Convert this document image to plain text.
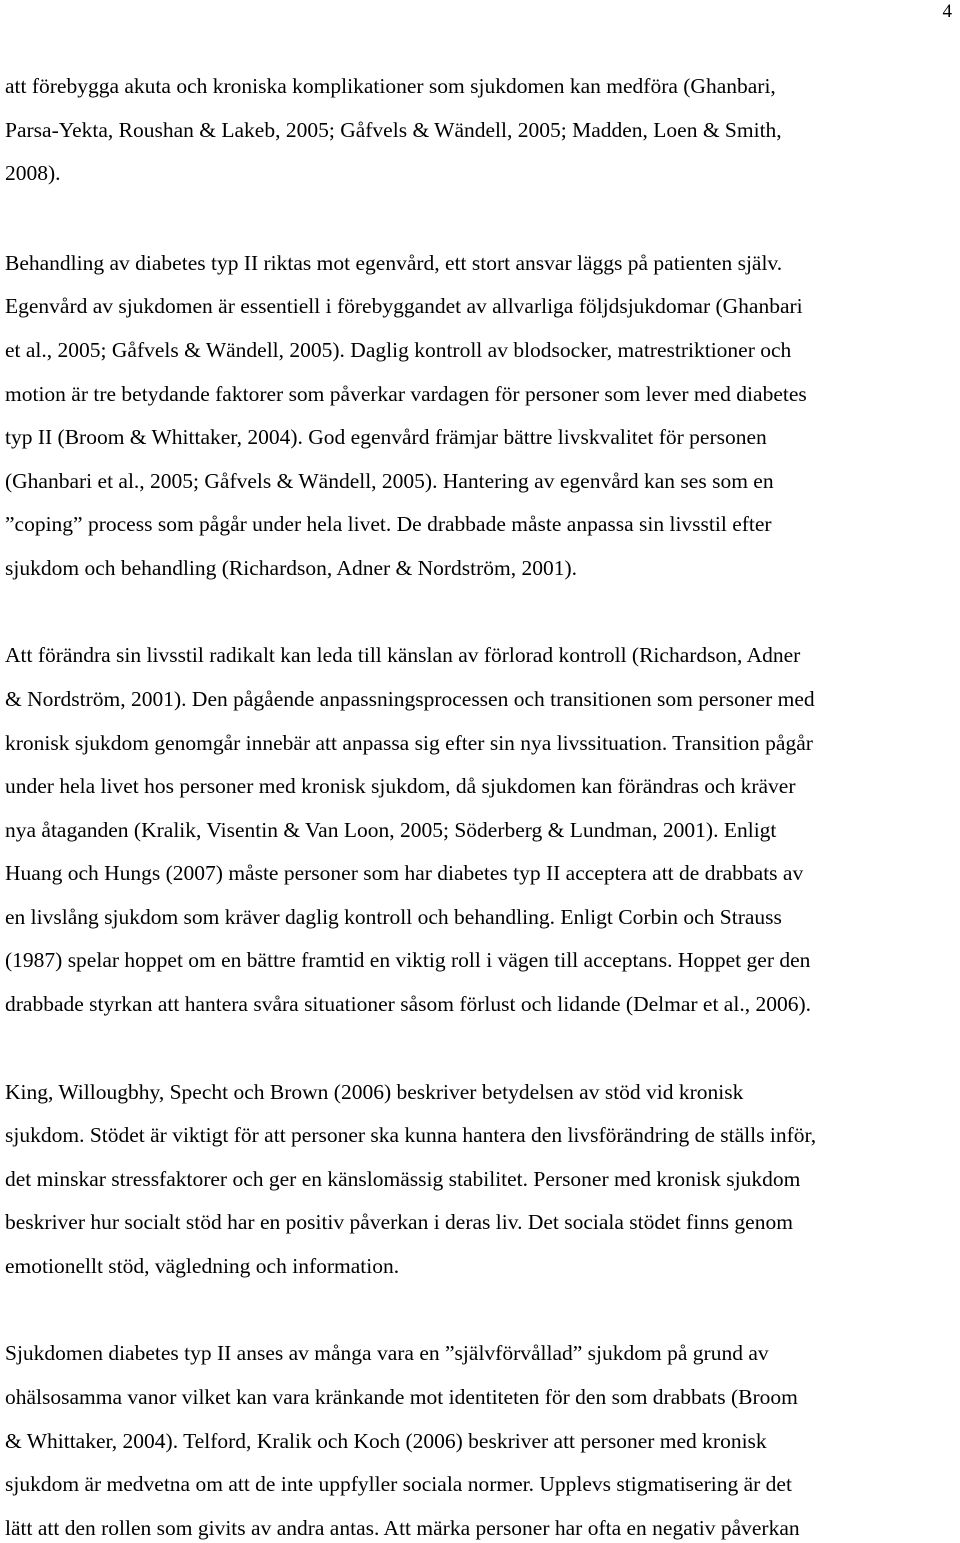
4
att förebygga akuta och kroniska komplikationer som sjukdomen kan medföra (Ghanbari,
Parsa-Yekta, Roushan & Lakeb, 2005; Gåfvels & Wändell, 2005; Madden, Loen & Smith,
2008).
Behandling av diabetes typ II riktas mot egenvård, ett stort ansvar läggs på patienten själv.
Egenvård av sjukdomen är essentiell i förebyggandet av allvarliga följdsjukdomar (Ghanbari
et al., 2005; Gåfvels & Wändell, 2005). Daglig kontroll av blodsocker, matrestriktioner och
motion är tre betydande faktorer som påverkar vardagen för personer som lever med diabetes
typ II (Broom & Whittaker, 2004). God egenvård främjar bättre livskvalitet för personen
(Ghanbari et al., 2005; Gåfvels & Wändell, 2005). Hantering av egenvård kan ses som en
”coping” process som pågår under hela livet. De drabbade måste anpassa sin livsstil efter
sjukdom och behandling (Richardson, Adner & Nordström, 2001).
Att förändra sin livsstil radikalt kan leda till känslan av förlorad kontroll (Richardson, Adner
& Nordström, 2001). Den pågående anpassningsprocessen och transitionen som personer med
kronisk sjukdom genomgår innebär att anpassa sig efter sin nya livssituation. Transition pågår
under hela livet hos personer med kronisk sjukdom, då sjukdomen kan förändras och kräver
nya åtaganden (Kralik, Visentin & Van Loon, 2005; Söderberg & Lundman, 2001). Enligt
Huang och Hungs (2007) måste personer som har diabetes typ II acceptera att de drabbats av
en livslång sjukdom som kräver daglig kontroll och behandling. Enligt Corbin och Strauss
(1987) spelar hoppet om en bättre framtid en viktig roll i vägen till acceptans. Hoppet ger den
drabbade styrkan att hantera svåra situationer såsom förlust och lidande (Delmar et al., 2006).
King, Willougbhy, Specht och Brown (2006) beskriver betydelsen av stöd vid kronisk
sjukdom. Stödet är viktigt för att personer ska kunna hantera den livsförändring de ställs inför,
det minskar stressfaktorer och ger en känslomässig stabilitet. Personer med kronisk sjukdom
beskriver hur socialt stöd har en positiv påverkan i deras liv. Det sociala stödet finns genom
emotionellt stöd, vägledning och information.
Sjukdomen diabetes typ II anses av många vara en ”självförvållad” sjukdom på grund av
ohälsosamma vanor vilket kan vara kränkande mot identiteten för den som drabbats (Broom
& Whittaker, 2004). Telford, Kralik och Koch (2006) beskriver att personer med kronisk
sjukdom är medvetna om att de inte uppfyller sociala normer. Upplevs stigmatisering är det
lätt att den rollen som givits av andra antas. Att märka personer har ofta en negativ påverkan
